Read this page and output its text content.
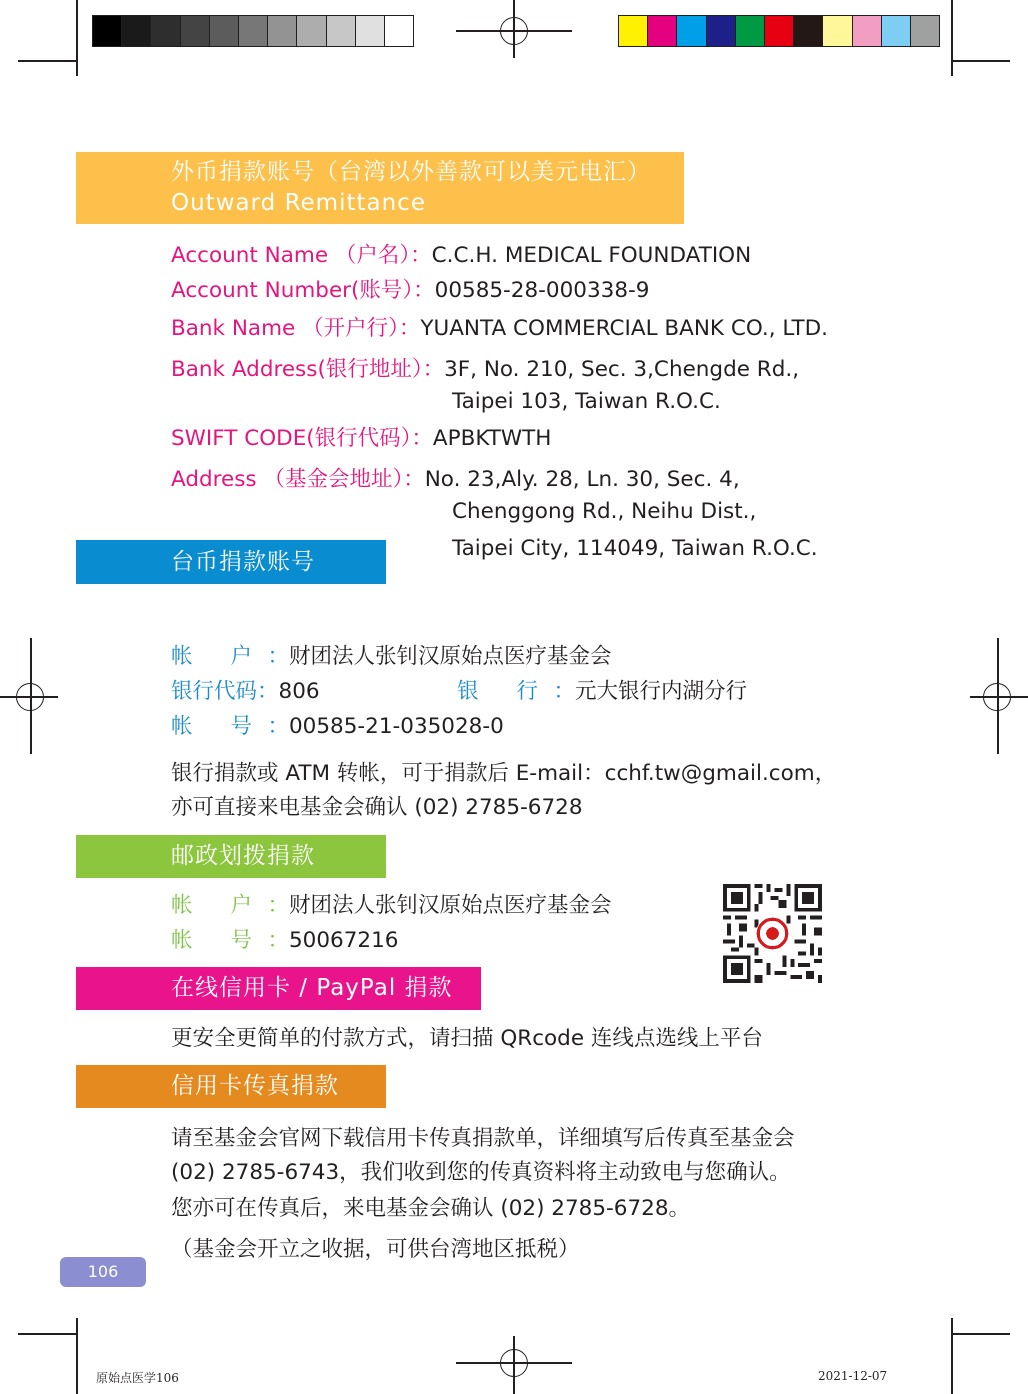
外币捐款账号（台湾以外善款可以美元电汇）
Outward Remittance
Account Name （户名）：C.C.H. MEDICAL FOUNDATION
Account Number(账号）：00585-28-000338-9
Bank Name （开户行）：YUANTA COMMERCIAL BANK CO., LTD.
Bank Address(银行地址）：3F, No. 210, Sec. 3,Chengde Rd.,
Taipei 103, Taiwan R.O.C.
SWIFT CODE(银行代码）：APBKTWTH
Address （基金会地址）：No. 23,Aly. 28, Ln. 30, Sec. 4,
Chenggong Rd., Neihu Dist.,
Taipei City, 114049, Taiwan R.O.C.
台币捐款账号
帐 户：财团法人张钊汉原始点医疗基金会
银行代码：806	银 行：元大银行内湖分行
帐 号：00585-21-035028-0
银行捐款或 ATM 转帐，可于捐款后 E-mail：cchf.tw@gmail.com，
亦可直接来电基金会确认 (02) 2785-6728
邮政划拨捐款
帐 户：财团法人张钊汉原始点医疗基金会
帐 号：50067216
在线信用卡 / PayPal 捐款
更安全更简单的付款方式，请扫描 QRcode 连线点选线上平台
信用卡传真捐款
请至基金会官网下载信用卡传真捐款单，详细填写后传真至基金会
(02) 2785-6743，我们收到您的传真资料将主动致电与您确认。
您亦可在传真后，来电基金会确认 (02) 2785-6728。
（基金会开立之收据，可供台湾地区抵税）
106
原始点医学106	2021-12-07
